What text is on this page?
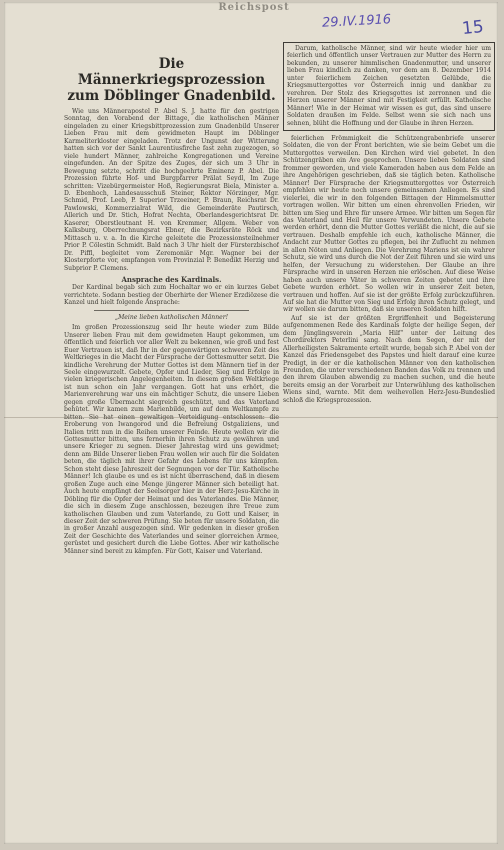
Reichspost
29.IV.1916	15
Die Männerkriegsprozession zum Döblinger Gnadenbild.

Wie uns Männerapostel P. Abel S. J. hatte für den gestrigen Sonntag, den Vorabend der Bittage, die katholischen Männer eingeladen zu einer Kriegsbittprozession zum Gnadenbild Unserer Lieben Frau mit dem gewidmeten Haupt im Döblinger Karmeliterkloster eingeladen. Trotz der Ungunst der Witterung hatten sich vor der Sankt Laurentiusfirche fast zehn zugezogen, so viele hundert Männer, zahlreiche Kongregationen und Vereine eingefunden. An der Spitze des Zuges, der sich um 3 Uhr in Bewegung setzte, schritt die hochgeehrte Eminenz P. Abel. Die Prozession führte Hof- und Burgpfarrer Prälat Seydl, Im Zuge schritten: Vizebürgermeister Hoß, Regierungsrat Biela, Minister a. D. Ebenhoch, Landesausschuß Steiner, Rektor Nörzinger, Mgr. Schmid, Prof. Leeb, P. Superior Trzeeiner, P. Braun, Reichsrat Dr. Pawlowski, Kommerzialrat Wild, die Gemeinderäte Pautirsch, Allerich und Dr. Stich, Hofrat Nechta, Oberlandesgerichtsrat Dr. Kaserer, Oberstleutnant H. von Kremmer, Allgem. Weber von Kalksburg, Oberrechnungsrat Ebner, die Bezirksräte Röck und Mittasch u. v. a. In die Kirche geleitete die Prozessionsteilnehmer Prior P. Cölestin Schmidt. Bald nach 3 Uhr hielt der Fürsterzbischof Dr. Piffl, begleitet vom Zeremoniär Mgr. Wagner bei der Klosterpforte vor, empfangen vom Provinzial P. Benedikt Herzig und Subprior P. Clemens.

Ansprache des Kardinals.

Der Kardinal begab sich zum Hochaltar wo er ein kurzes Gebet verrichtete. Sodann bestieg der Oberhirte der Wiener Erzdiözese die Kanzel und hielt folgende Ansprache:

„Meine lieben katholischen Männer!

Im großen Prozessionszug seid Ihr heute wieder zum Bilde Unserer lieben Frau mit dem gewidmeten Haupt gekommen, um öffentlich und feierlich vor aller Welt zu bekennen, wie groß und fest Euer Vertrauen ist, daß Ihr in der gegenwärtigen schweren Zeit des Weltkrieges in die Macht der Fürsprache der Gottesmutter setzt. Die kindliche Verehrung der Mutter Gottes ist dem Männern tief in der Seele eingewurzelt. Gebete, Opfer und Lieder, Sieg und Erfolge in vielen kriegerischen Angelegenheiten. In diesem großen Weltkriege ist nun schon ein Jahr vergangen. Gott hat uns erhört, die Marienverehrung war uns ein mächtiger Schutz, die unsere Lieben gegen große Übermacht siegreich geschützt, und das Vaterland behütet. Wir kamen zum Marienbilde, um auf dem Weltkampfe zu bitten. Sie hat einen gewaltigen Verteidigung entschlossen: die Eroberung von Iwangorod und die Befreiung Ostgaliziens, und Italien tritt nun in die Reihen unserer Feinde. Heute wollen wir die Gottesmutter bitten, uns fernerhin ihren Schutz zu gewähren und unsere Krieger zu segnen. Dieser Jahrestag wird uns gewidmet; denn am Bilde Unserer lieben Frau wollen wir auch für die Soldaten beten, die täglich mit ihrer Gefahr des Lebens für uns kämpfen. Schon steht diese Jahreszeit der Segnungen vor der Tür. Katholische Männer! Ich glaube es und es ist nicht überraschend, daß in diesem großen Zuge auch eine Menge jüngerer Männer sich beteiligt hat. Auch heute empfängt der Seelsorger hier in der Herz-Jesu-Kirche in Döbling für die Opfer der Heimat und des Vaterlandes. Die Männer, die sich in diesem Zuge anschlossen, bezeugen ihre Treue zum katholischen Glauben und zum Vaterlande, zu Gott und Kaiser, in dieser Zeit der schweren Prüfung. Sie beten für unsere Soldaten, die in großer Anzahl ausgezogen sind. Wir gedenken in dieser großen Zeit der Geschichte des Vaterlandes und seiner glorreichen Armee, gerüstet und gesichert durch die Liebe Gottes. Aber wir katholische Männer sind bereit zu kämpfen. Für Gott, Kaiser und Vaterland.

Darum, katholische Männer, sind wir heute wieder hier um feierlich und öffentlich unser Vertrauen zur Mutter des Herrn zu bekunden, zu unserer himmlischen Gnadenmutter, und unserer lieben Frau kindlich zu danken, vor dem am 8. Dezember 1914 unter feierlichem Zeichen gesetzten Gelübde, die Kriegsmuttergottes vor Österreich innig und dankbar zu verehren. Der Stolz des Kriegsgottes ist zerronnen und die Herzen unserer Männer sind mit Festigkeit erfüllt. Katholische Männer! Wie in der Heimat wir wissen es gut, das sind unsere Soldaten draußen im Felde. Selbst wenn sie sich nach uns sehnen, blüht die Hoffnung und der Glaube in ihren Herzen.

feierlichen Frömmigkeit die Schützengrabenbriefe unserer Soldaten, die von der Front berichten, wie sie beim Gebet um die Muttergottes verweilen. Den Kirchen wird viel gebetet. In den Schützengräben ein Ave gesprochen. Unsere lieben Soldaten sind frommer geworden, und viele Kameraden haben aus dem Felde an ihre Angehörigen geschrieben, daß sie täglich beten. Katholische Männer! Der Fürsprache der Kriegsmuttergottes vor Österreich empfehlen wir heute noch unsere gemeinsamen Anliegen. Es sind vielerlei, die wir in den folgenden Bittagen der Himmelsmutter vortragen wollen. Wir bitten um einen ehrenvollen Frieden, wir bitten um Sieg und Ehre für unsere Armee. Wir bitten um Segen für das Vaterland und Heil für unsere Verwundeten. Unsere Gebete werden erhört, denn die Mutter Gottes verläßt die nicht, die auf sie vertrauen. Deshalb empfehle ich euch, katholische Männer, die Andacht zur Mutter Gottes zu pflegen, bei ihr Zuflucht zu nehmen in allen Nöten und Anliegen. Die Verehrung Mariens ist ein wahrer Schutz, sie wird uns durch die Not der Zeit führen und sie wird uns helfen, der Versuchung zu widerstehen. Der Glaube an ihre Fürsprache wird in unseren Herzen nie erlöschen. Auf diese Weise haben auch unsere Väter in schweren Zeiten gebetet und ihre Gebete wurden erhört. So wollen wir in unserer Zeit beten, vertrauen und hoffen. Auf sie ist der größte Erfolg zurückzuführen. Auf sie hat die Mutter von Sieg und Erfolg ihren Schutz gelegt, und wir wollen sie darum bitten, daß sie unseren Soldaten hilft.

Auf sie ist der größten Ergriffenheit und Begeisterung aufgenommenen Rede des Kardinals folgte der heilige Segen, der dem Jünglingsverein „Maria Hilf“ unter der Leitung des Chordirektors Peterlini sang. Nach dem Segen, der mit der Allerheiligsten Sakramente erteilt wurde, begab sich P. Abel von der Kanzel das Friedensgebet des Papstes und hielt darauf eine kurze Predigt, in der er die katholischen Männer von den katholischen Freunden, die unter verschiedenen Banden das Volk zu trennen und den ihrem Glauben abwendig zu machen suchen, und die heute bereits emsig an der Vorarbeit zur Unterwühlung des katholischen Wiens sind, warnte. Mit dem weihevollen Herz-Jesu-Bundeslied schloß die Kriegsprozession.
